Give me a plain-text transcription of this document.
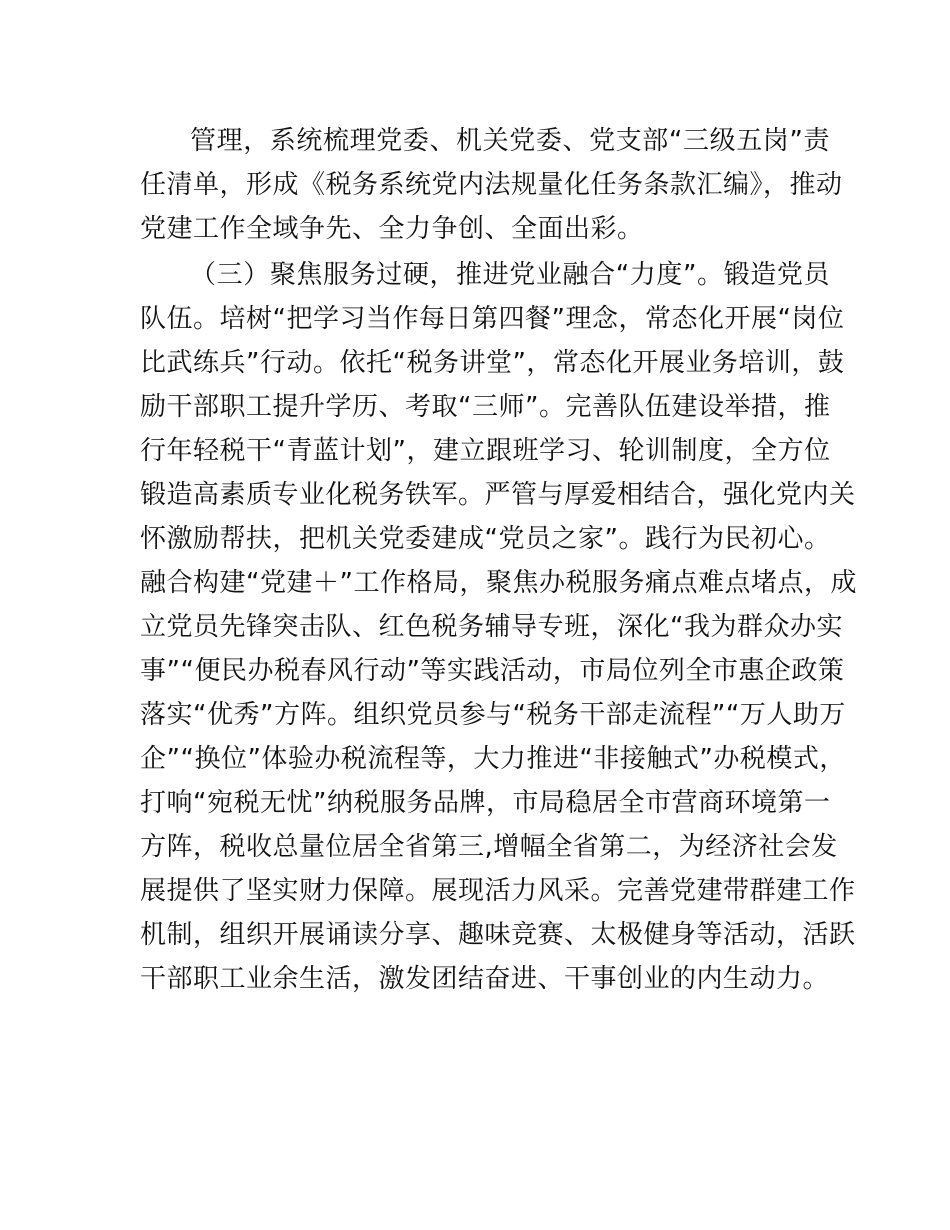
管理，系统梳理党委、机关党委、党支部“三级五岗”责
任清单，形成《税务系统党内法规量化任务条款汇编》，推动
党建工作全域争先、全力争创、全面出彩。
（三）聚焦服务过硬，推进党业融合“力度”。锻造党员
队伍。培树“把学习当作每日第四餐”理念，常态化开展“岗位
比武练兵”行动。依托“税务讲堂”，常态化开展业务培训，鼓
励干部职工提升学历、考取“三师”。完善队伍建设举措，推
行年轻税干“青蓝计划”，建立跟班学习、轮训制度，全方位
锻造高素质专业化税务铁军。严管与厚爱相结合，强化党内关
怀激励帮扶，把机关党委建成“党员之家”。践行为民初心。
融合构建“党建＋”工作格局，聚焦办税服务痛点难点堵点，成
立党员先锋突击队、红色税务辅导专班，深化“我为群众办实
事”“便民办税春风行动”等实践活动，市局位列全市惠企政策
落实“优秀”方阵。组织党员参与“税务干部走流程”“万人助万
企”“换位”体验办税流程等，大力推进“非接触式”办税模式，
打响“宛税无忧”纳税服务品牌，市局稳居全市营商环境第一
方阵，税收总量位居全省第三,增幅全省第二，为经济社会发
展提供了坚实财力保障。展现活力风采。完善党建带群建工作
机制，组织开展诵读分享、趣味竞赛、太极健身等活动，活跃
干部职工业余生活，激发团结奋进、干事创业的内生动力。
